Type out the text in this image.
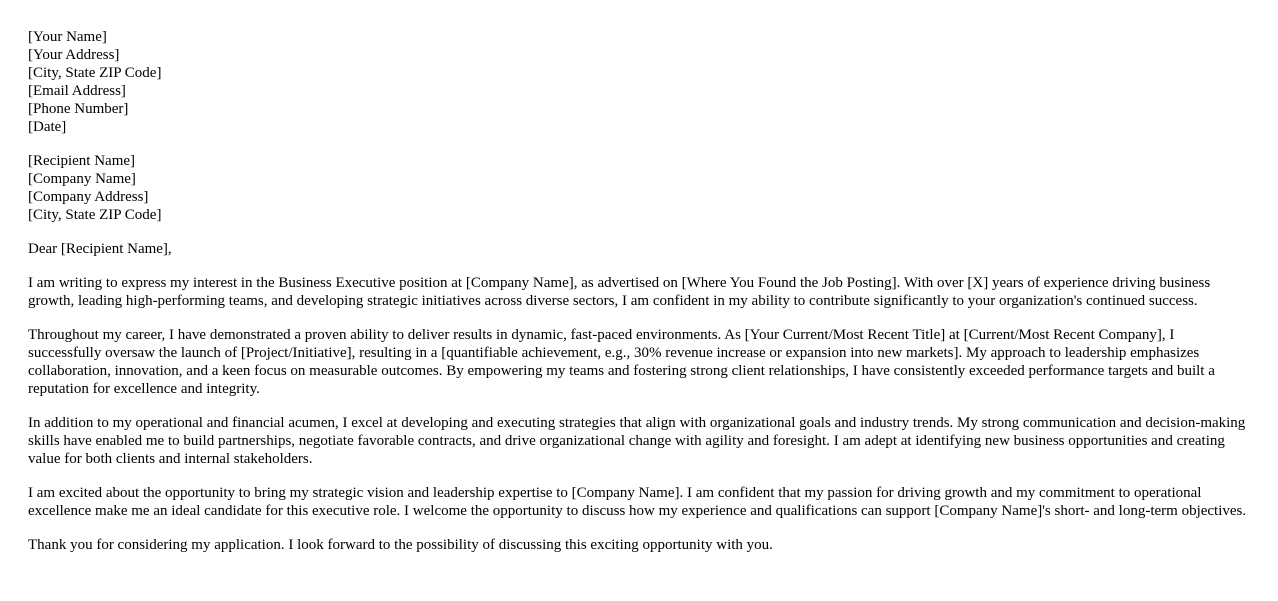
[Your Name]
[Your Address]
[City, State ZIP Code]
[Email Address]
[Phone Number]
[Date]
[Recipient Name]
[Company Name]
[Company Address]
[City, State ZIP Code]

Dear [Recipient Name],

I am writing to express my interest in the Business Executive position at [Company Name], as advertised on [Where You Found the Job Posting]. With over [X] years of experience driving business growth, leading high-performing teams, and developing strategic initiatives across diverse sectors, I am confident in my ability to contribute significantly to your organization's continued success.

Throughout my career, I have demonstrated a proven ability to deliver results in dynamic, fast-paced environments. As [Your Current/Most Recent Title] at [Current/Most Recent Company], I successfully oversaw the launch of [Project/Initiative], resulting in a [quantifiable achievement, e.g., 30% revenue increase or expansion into new markets]. My approach to leadership emphasizes collaboration, innovation, and a keen focus on measurable outcomes. By empowering my teams and fostering strong client relationships, I have consistently exceeded performance targets and built a reputation for excellence and integrity.

In addition to my operational and financial acumen, I excel at developing and executing strategies that align with organizational goals and industry trends. My strong communication and decision-making skills have enabled me to build partnerships, negotiate favorable contracts, and drive organizational change with agility and foresight. I am adept at identifying new business opportunities and creating value for both clients and internal stakeholders.

I am excited about the opportunity to bring my strategic vision and leadership expertise to [Company Name]. I am confident that my passion for driving growth and my commitment to operational excellence make me an ideal candidate for this executive role. I welcome the opportunity to discuss how my experience and qualifications can support [Company Name]'s short- and long-term objectives.

Thank you for considering my application. I look forward to the possibility of discussing this exciting opportunity with you.
